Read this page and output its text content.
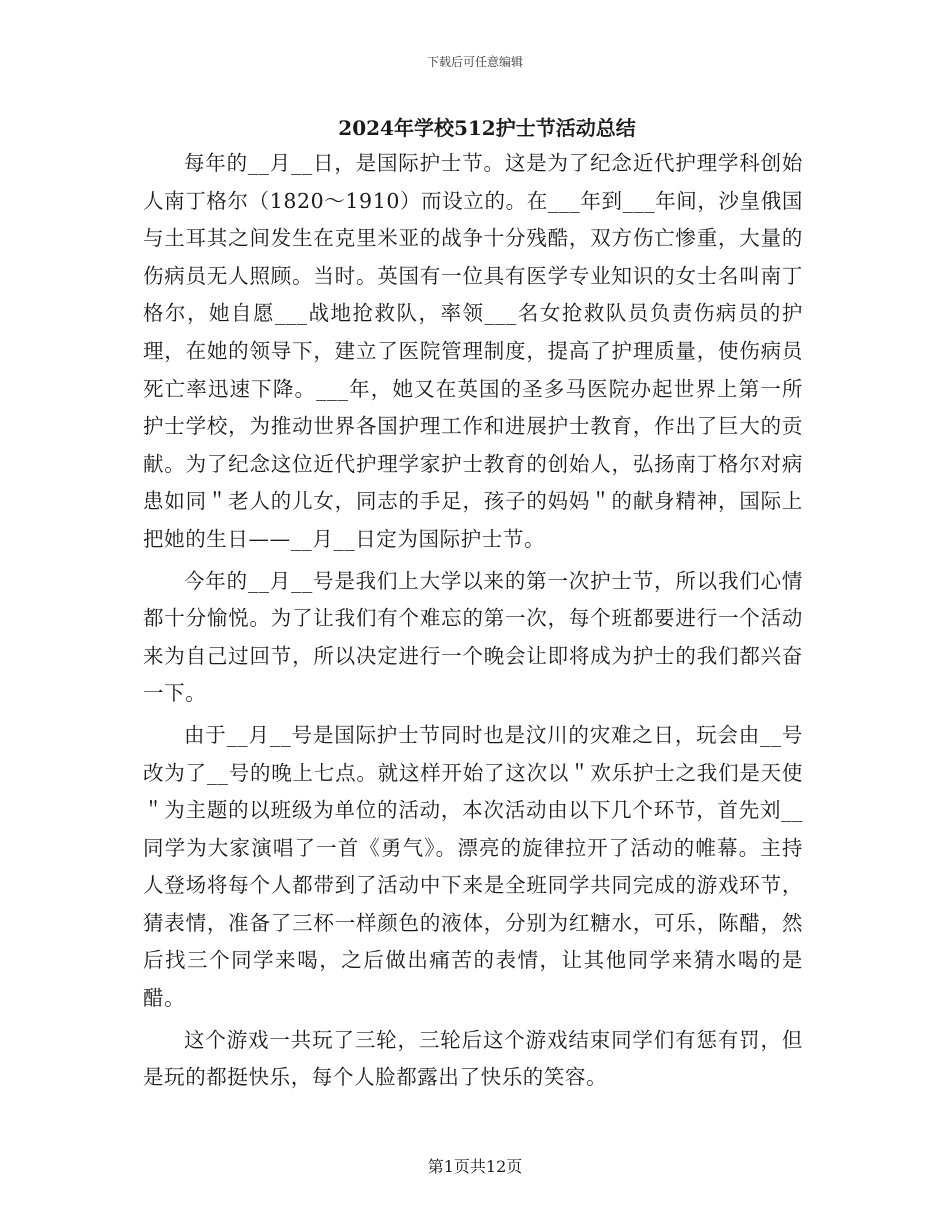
下载后可任意编辑
2024年学校512护士节活动总结

每年的__月__日，是国际护士节。这是为了纪念近代护理学科创始人南丁格尔（1820～1910）而设立的。在___年到___年间，沙皇俄国与土耳其之间发生在克里米亚的战争十分残酷，双方伤亡惨重，大量的伤病员无人照顾。当时。英国有一位具有医学专业知识的女士名叫南丁格尔，她自愿___战地抢救队，率领___名女抢救队员负责伤病员的护理，在她的领导下，建立了医院管理制度，提高了护理质量，使伤病员死亡率迅速下降。___年，她又在英国的圣多马医院办起世界上第一所护士学校，为推动世界各国护理工作和进展护士教育，作出了巨大的贡献。为了纪念这位近代护理学家护士教育的创始人，弘扬南丁格尔对病患如同＂老人的儿女，同志的手足，孩子的妈妈＂的献身精神，国际上把她的生日——__月__日定为国际护士节。

今年的__月__号是我们上大学以来的第一次护士节，所以我们心情都十分愉悦。为了让我们有个难忘的第一次，每个班都要进行一个活动来为自己过回节，所以决定进行一个晚会让即将成为护士的我们都兴奋一下。

由于__月__号是国际护士节同时也是汶川的灾难之日，玩会由__号改为了__号的晚上七点。就这样开始了这次以＂欢乐护士之我们是天使＂为主题的以班级为单位的活动，本次活动由以下几个环节，首先刘__同学为大家演唱了一首《勇气》。漂亮的旋律拉开了活动的帷幕。主持人登场将每个人都带到了活动中下来是全班同学共同完成的游戏环节，猜表情，准备了三杯一样颜色的液体，分别为红糖水，可乐，陈醋，然后找三个同学来喝，之后做出痛苦的表情，让其他同学来猜水喝的是醋。

这个游戏一共玩了三轮，三轮后这个游戏结束同学们有惩有罚，但是玩的都挺快乐，每个人脸都露出了快乐的笑容。

第1页共12页
